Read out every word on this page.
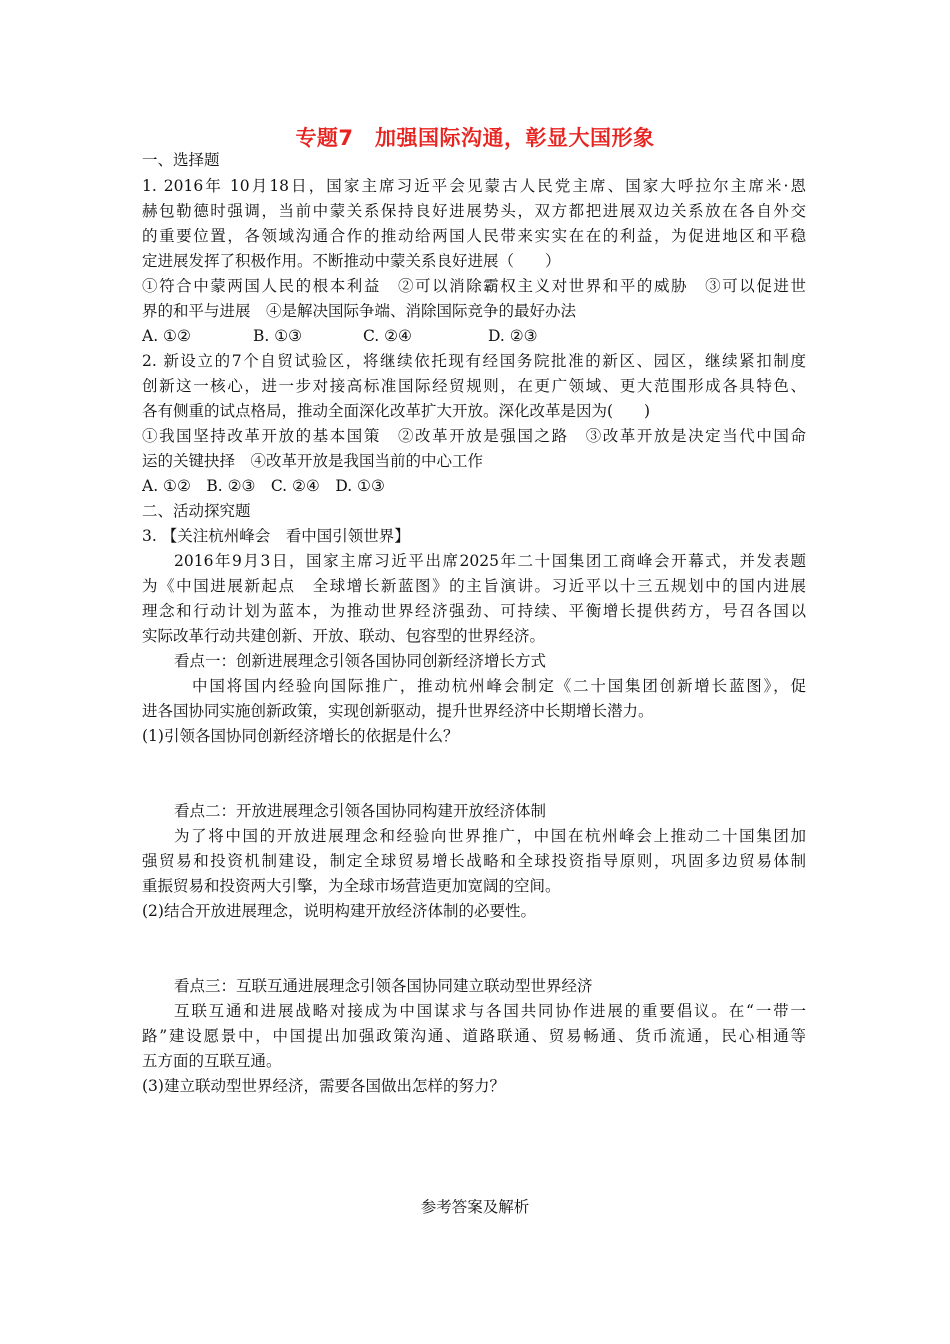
专题7　加强国际沟通，彰显大国形象
一、选择题
1. 2016年 10月18日，国家主席习近平会见蒙古人民党主席、国家大呼拉尔主席米·恩
赫包勒德时强调，当前中蒙关系保持良好进展势头，双方都把进展双边关系放在各自外交
的重要位置，各领域沟通合作的推动给两国人民带来实实在在的利益，为促进地区和平稳
定进展发挥了积极作用。不断推动中蒙关系良好进展（　　）
①符合中蒙两国人民的根本利益　②可以消除霸权主义对世界和平的威胁　③可以促进世
界的和平与进展　④是解决国际争端、消除国际竞争的最好办法
A. ①②	B. ①③	C. ②④	D. ②③
2. 新设立的7个自贸试验区，将继续依托现有经国务院批准的新区、园区，继续紧扣制度
创新这一核心，进一步对接高标准国际经贸规则，在更广领域、更大范围形成各具特色、
各有侧重的试点格局，推动全面深化改革扩大开放。深化改革是因为(　　)
①我国坚持改革开放的基本国策　②改革开放是强国之路　③改革开放是决定当代中国命
运的关键抉择　④改革开放是我国当前的中心工作
A. ①②　B. ②③　C. ②④　D. ①③
二、活动探究题
3. 【关注杭州峰会　看中国引领世界】
2016年9月3日，国家主席习近平出席2025年二十国集团工商峰会开幕式，并发表题
为《中国进展新起点　全球增长新蓝图》的主旨演讲。习近平以十三五规划中的国内进展
理念和行动计划为蓝本，为推动世界经济强劲、可持续、平衡增长提供药方，号召各国以
实际改革行动共建创新、开放、联动、包容型的世界经济。
看点一：创新进展理念引领各国协同创新经济增长方式
中国将国内经验向国际推广，推动杭州峰会制定《二十国集团创新增长蓝图》，促
进各国协同实施创新政策，实现创新驱动，提升世界经济中长期增长潜力。
(1)引领各国协同创新经济增长的依据是什么？
看点二：开放进展理念引领各国协同构建开放经济体制
为了将中国的开放进展理念和经验向世界推广，中国在杭州峰会上推动二十国集团加
强贸易和投资机制建设，制定全球贸易增长战略和全球投资指导原则，巩固多边贸易体制
重振贸易和投资两大引擎，为全球市场营造更加宽阔的空间。
(2)结合开放进展理念，说明构建开放经济体制的必要性。
看点三：互联互通进展理念引领各国协同建立联动型世界经济
互联互通和进展战略对接成为中国谋求与各国共同协作进展的重要倡议。在“一带一
路”建设愿景中，中国提出加强政策沟通、道路联通、贸易畅通、货币流通，民心相通等
五方面的互联互通。
(3)建立联动型世界经济，需要各国做出怎样的努力？
参考答案及解析
